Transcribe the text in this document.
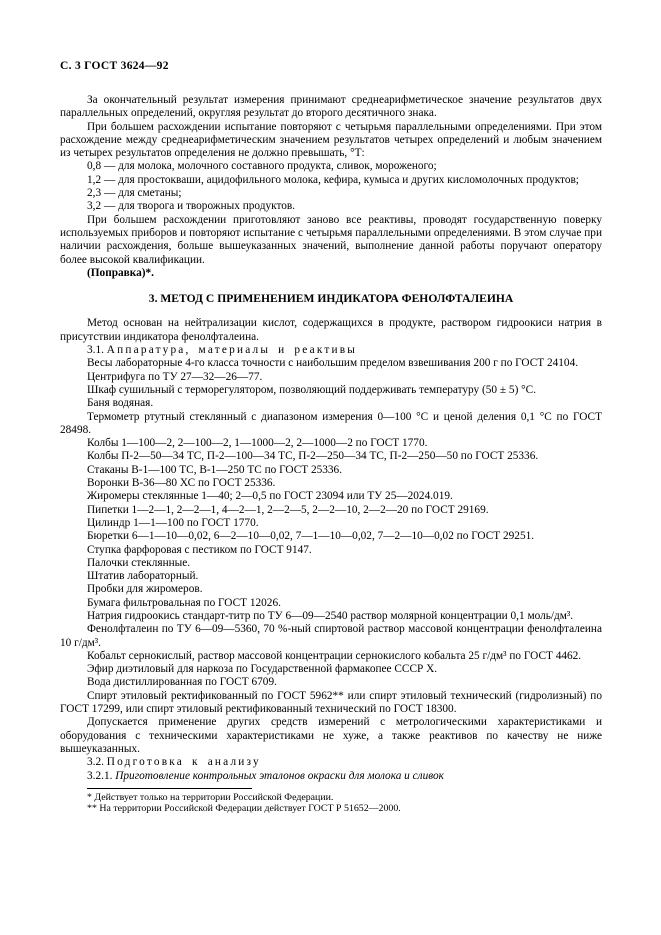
С. 3 ГОСТ 3624—92

За окончательный результат измерения принимают среднеарифметическое значение результатов двух параллельных определений, округляя результат до второго десятичного знака.

При большем расхождении испытание повторяют с четырьмя параллельными определениями. При этом расхождение между среднеарифметическим значением результатов четырех определений и любым значением из четырех результатов определения не должно превышать, °Т:

0,8 — для молока, молочного составного продукта, сливок, мороженого;

1,2 — для простокваши, ацидофильного молока, кефира, кумыса и других кисломолочных продуктов;

2,3 — для сметаны;

3,2 — для творога и творожных продуктов.

При большем расхождении приготовляют заново все реактивы, проводят государственную поверку используемых приборов и повторяют испытание с четырьмя параллельными определениями. В этом случае при наличии расхождения, больше вышеуказанных значений, выполнение данной работы поручают оператору более высокой квалификации.

(Поправка)*.

3. МЕТОД С ПРИМЕНЕНИЕМ ИНДИКАТОРА ФЕНОЛФТАЛЕИНА

Метод основан на нейтрализации кислот, содержащихся в продукте, раствором гидроокиси натрия в присутствии индикатора фенолфталеина.

3.1. Аппаратура, материалы и реактивы

Весы лабораторные 4-го класса точности с наибольшим пределом взвешивания 200 г по ГОСТ 24104.

Центрифуга по ТУ 27—32—26—77.

Шкаф сушильный с терморегулятором, позволяющий поддерживать температуру (50 ± 5) °С.

Баня водяная.

Термометр ртутный стеклянный с диапазоном измерения 0—100 °С и ценой деления 0,1 °С по ГОСТ 28498.

Колбы 1—100—2, 2—100—2, 1—1000—2, 2—1000—2 по ГОСТ 1770.

Колбы П-2—50—34 ТС, П-2—100—34 ТС, П-2—250—34 ТС, П-2—250—50 по ГОСТ 25336.

Стаканы В-1—100 ТС, В-1—250 ТС по ГОСТ 25336.

Воронки В-36—80 ХС по ГОСТ 25336.

Жиромеры стеклянные 1—40; 2—0,5 по ГОСТ 23094 или ТУ 25—2024.019.

Пипетки 1—2—1, 2—2—1, 4—2—1, 2—2—5, 2—2—10, 2—2—20 по ГОСТ 29169.

Цилиндр 1—1—100 по ГОСТ 1770.

Бюретки 6—1—10—0,02, 6—2—10—0,02, 7—1—10—0,02, 7—2—10—0,02 по ГОСТ 29251.

Ступка фарфоровая с пестиком по ГОСТ 9147.

Палочки стеклянные.

Штатив лабораторный.

Пробки для жиромеров.

Бумага фильтровальная по ГОСТ 12026.

Натрия гидроокись стандарт-титр по ТУ 6—09—2540 раствор молярной концентрации 0,1 моль/дм³.

Фенолфталеин по ТУ 6—09—5360, 70 %-ный спиртовой раствор массовой концентрации фенолфталеина 10 г/дм³.

Кобальт сернокислый, раствор массовой концентрации сернокислого кобальта 25 г/дм³ по ГОСТ 4462.

Эфир диэтиловый для наркоза по Государственной фармакопее СССР Х.

Вода дистиллированная по ГОСТ 6709.

Спирт этиловый ректификованный по ГОСТ 5962** или спирт этиловый технический (гидролизный) по ГОСТ 17299, или спирт этиловый ректификованный технический по ГОСТ 18300.

Допускается применение других средств измерений с метрологическими характеристиками и оборудования с техническими характеристиками не хуже, а также реактивов по качеству не ниже вышеуказанных.

3.2. Подготовка к анализу

3.2.1. Приготовление контрольных эталонов окраски для молока и сливок

* Действует только на территории Российской Федерации.

** На территории Российской Федерации действует ГОСТ Р 51652—2000.
